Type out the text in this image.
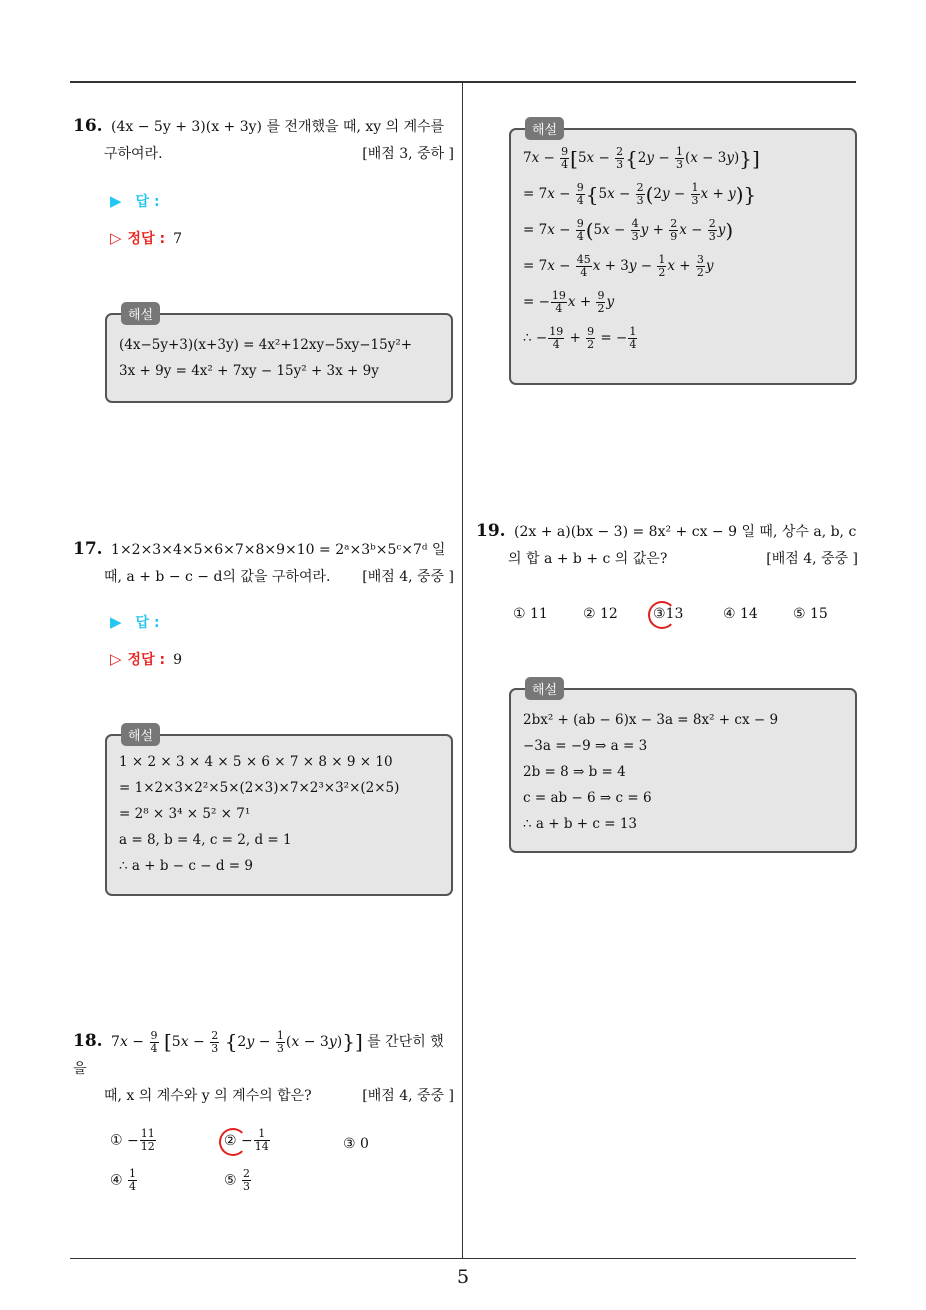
5
16. (4x − 5y + 3)(x + 3y) 를 전개했을 때, xy 의 계수를
구하여라.	[배점 3, 중하 ]
▶ 답 :
▷ 정답 : 7
해설
(4x−5y+3)(x+3y) = 4x²+12xy−5xy−15y²+
3x + 9y = 4x² + 7xy − 15y² + 3x + 9y
17. 1×2×3×4×5×6×7×8×9×10 = 2ᵃ×3ᵇ×5ᶜ×7ᵈ 일
때, a + b − c − d의 값을 구하여라. [배점 4, 중중 ]
▶ 답 :
▷ 정답 : 9
해설
1 × 2 × 3 × 4 × 5 × 6 × 7 × 8 × 9 × 10
= 1×2×3×2²×5×(2×3)×7×2³×3²×(2×5)
= 2⁸ × 3⁴ × 5² × 7¹
a = 8, b = 4, c = 2, d = 1
∴ a + b − c − d = 9
18. $7x - \frac{9}{4} [5x - \frac{2}{3} \{2y - \frac{1}{3} (x - 3y)\}]$ 를 간단히 했을
때, x 의 계수와 y 의 계수의 합은?	[배점 4, 중중 ]
① − $\frac{11}{12}$	② − $\frac{1}{14}$	③ 0
④ $\frac{1}{4}$	⑤ $\frac{2}{3}$
해설
$7x - \frac{9}{4} [5x - \frac{2}{3} \{2y - \frac{1}{3} (x - 3y)\}]$
= $7x - \frac{9}{4} \{5x - \frac{2}{3} (2y - \frac{1}{3}$ x + y)}
= $7x - \frac{9}{4} (5x - \frac{4}{3}$ $y + \frac{2}{9}$ $x - \frac{2}{3} y$)
= $7x - \frac{45}{4}$ $x + 3y - \frac{1}{2}$ $x + \frac{3}{2}$ y
= − $\frac{19}{4}$ $x + \frac{9}{2}$ y
∴ − $\frac{19}{4} + \frac{9}{2}$ = − $\frac{1}{4}$
19. (2x + a)(bx − 3) = 8x² + cx − 9 일 때, 상수 a, b, c
의 합 a + b + c 의 값은?	[배점 4, 중중 ]
① 11	② 12	③13	④ 14	⑤ 15
해설
2bx² + (ab − 6)x − 3a = 8x² + cx − 9
−3a = −9 ⇒ a = 3
2b = 8 ⇒ b = 4
c = ab − 6 ⇒ c = 6
∴ a + b + c = 13
